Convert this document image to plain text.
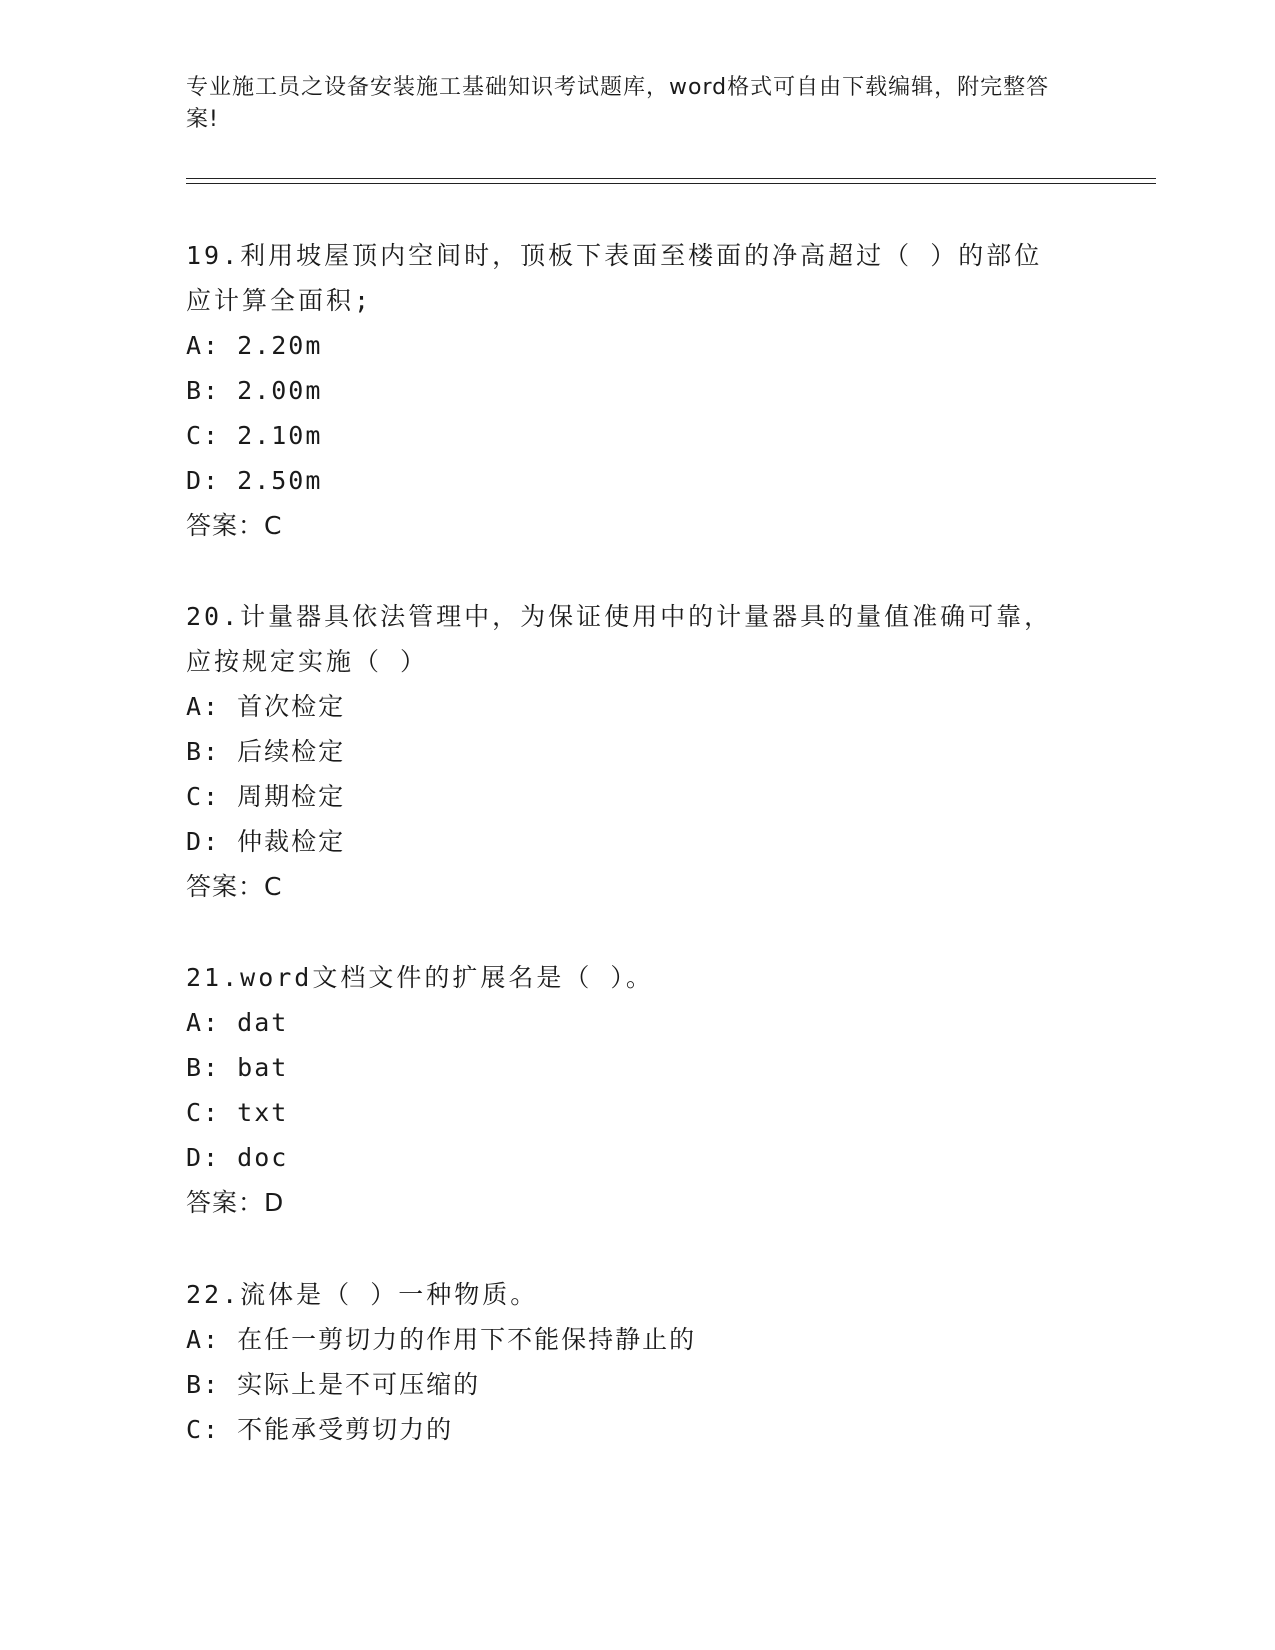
专业施工员之设备安装施工基础知识考试题库，word格式可自由下载编辑，附完整答案!

19.利用坡屋顶内空间时，顶板下表面至楼面的净高超过（ ）的部位应计算全面积;

A: 2.20m

B: 2.00m

C: 2.10m

D: 2.50m

答案：C

20.计量器具依法管理中，为保证使用中的计量器具的量值准确可靠，应按规定实施（ ）

A: 首次检定

B: 后续检定

C: 周期检定

D: 仲裁检定

答案：C

21.word文档文件的扩展名是（ ）。

A: dat

B: bat

C: txt

D: doc

答案：D

22.流体是（ ）一种物质。

A: 在任一剪切力的作用下不能保持静止的

B: 实际上是不可压缩的

C: 不能承受剪切力的
